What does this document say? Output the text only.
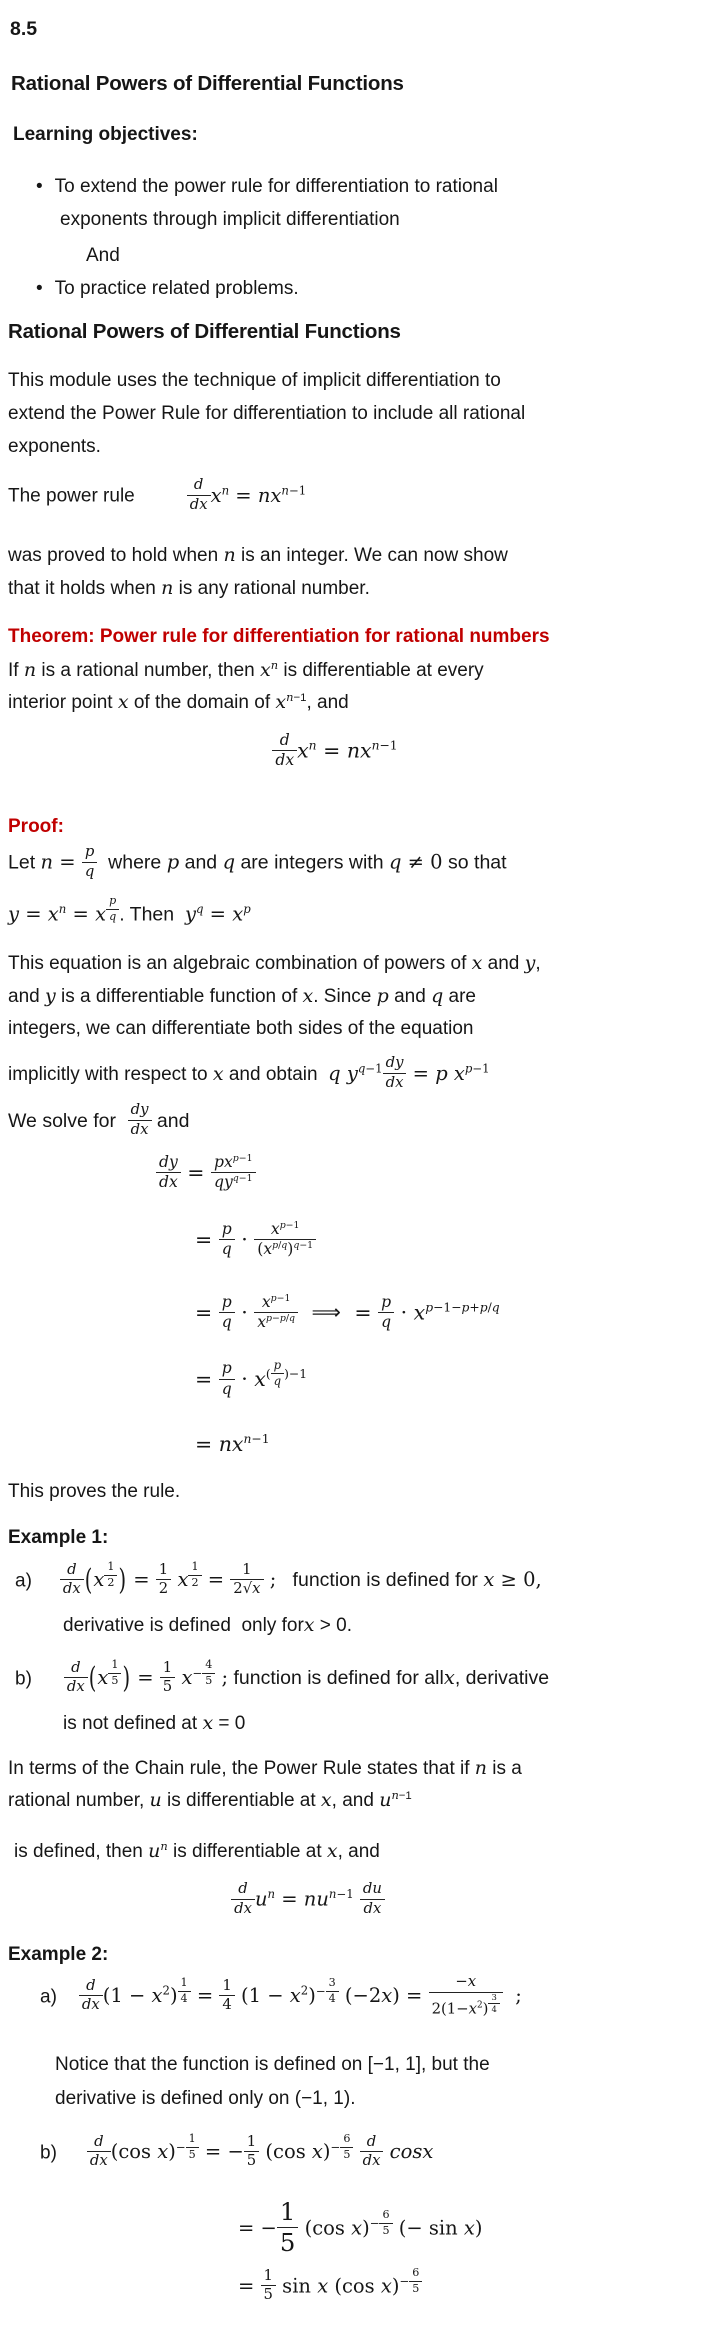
8.5
Rational Powers of Differential Functions
Learning objectives:
• To extend the power rule for differentiation to rational
exponents through implicit differentiation
And
• To practice related problems.
Rational Powers of Differential Functions
This module uses the technique of implicit differentiation to
extend the Power Rule for differentiation to include all rational
exponents.
The power rule	$\frac{d}{dx} x^n = nx^{n-1}$
was proved to hold when n is an integer. We can now show
that it holds when n is any rational number.
Theorem: Power rule for differentiation for rational numbers
If n is a rational number, then $x^n$ is differentiable at every
interior point x of the domain of $x^{n-1}$, and
$\frac{d}{dx} x^n = nx^{n-1}$
Proof:
Let $n = \frac{p}{q}$ where p and q are integers with q ≠ 0 so that
$y = x^n = x$ $^{\frac{p}{q}}$ . Then  $y^q = x^p$
This equation is an algebraic combination of powers of x and y,
and y is a differentiable function of x. Since p and q are
integers, we can differentiate both sides of the equation
implicitly with respect to x and obtain  q $y^{q-1} \frac{dy}{dx} = p$ $x^{p-1}$
We solve for $\frac{dy}{dx}$ and
$\frac{dy}{dx} = px^{p-1}$
$qy^{q-1}$
= $\frac{p}{q} \cdot \frac{x^{p-1}}{(x^{p/q})^{q-1}}$
= $\frac{p}{q} \cdot \frac{x^{p-1}}{x^{p-p/q}}$ ⟹ = $\frac{p}{q} \cdot x^{p-1-p+p/q}$
= $\frac{p}{q} \cdot x^{( \frac{p}{q} )-1}$
= $nx^{n-1}$
This proves the rule.
Example 1:
$a) \frac{d}{dx} (x$ $^{\frac{1}{2}}$ ) = $\frac{1}{2}$ x $^{\frac{1}{2}} = \frac{1}{2√x}$ ;   function is defined for x ≥ 0,
derivative is defined  only forx > 0.
$b) \frac{d}{dx} (x$ $^{\frac{1}{5}}$ ) = $\frac{1}{5} x^{- \frac{4}{5}}$ ; function is defined for allx, derivative
is not defined at x = 0
In terms of the Chain rule, the Power Rule states that if n is a
rational number, u is differentiable at x, and $u^{n-1}$
is defined, then $u^n$ is differentiable at x, and
$\frac{d}{dx} u^n = nu^{n-1} \frac{du}{dx}$
Example 2:
$a) \frac{d}{dx} (1 - x^2) ^{\frac{1}{4}} = \frac{1}{4} (1 - x^2)^{- \frac{3}{4}}$ (−2x) = −x
$2(1-x^2)$ $^{\frac{3}{4}}$ ;
Notice that the function is defined on [−1, 1], but the
derivative is defined only on (−1, 1).
$b) \frac{d}{dx} (\cos$ x)$^{- \frac{1}{5}}$ = − $\frac{1}{5} (\cos$ x)$^{- \frac{6}{5}}$
$\frac{d}{dx}$ cosx
= − $\frac{1}{5} (\cos$ x)$^{- \frac{6}{5}}$ (− sin x)
= $\frac{1}{5}$ sin x (cos x)$^{- \frac{6}{5}}$
